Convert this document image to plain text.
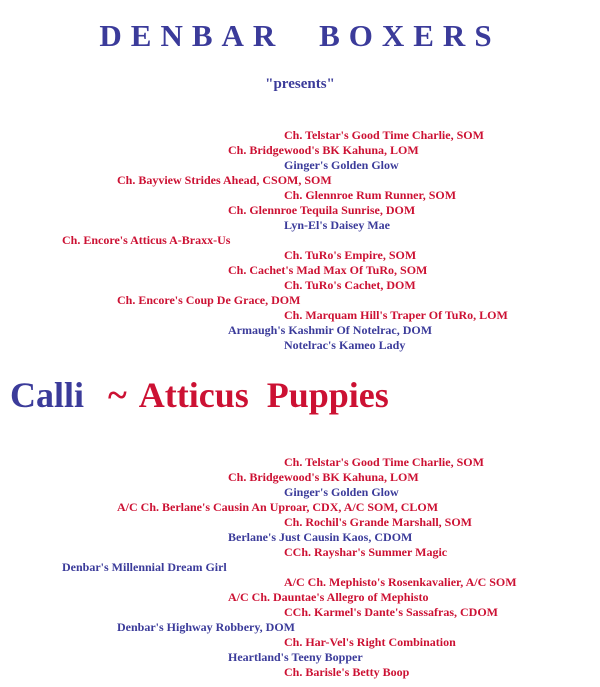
DENBAR BOXERS
"presents"
Ch. Telstar's Good Time Charlie, SOM
Ch. Bridgewood's BK Kahuna, LOM
Ginger's Golden Glow
Ch. Bayview Strides Ahead, CSOM, SOM
Ch. Glennroe Rum Runner, SOM
Ch. Glennroe Tequila Sunrise, DOM
Lyn-El's Daisey Mae
Ch. Encore's Atticus A-Braxx-Us
Ch. TuRo's Empire, SOM
Ch. Cachet's Mad Max Of TuRo, SOM
Ch. TuRo's Cachet, DOM
Ch. Encore's Coup De Grace, DOM
Ch. Marquam Hill's Traper Of TuRo, LOM
Armaugh's Kashmir Of Notelrac, DOM
Notelrac's Kameo Lady
Calli ~ Atticus  Puppies
Ch. Telstar's Good Time Charlie, SOM
Ch. Bridgewood's BK Kahuna, LOM
Ginger's Golden Glow
A/C Ch. Berlane's Causin An Uproar, CDX, A/C SOM, CLOM
Ch. Rochil's Grande Marshall, SOM
Berlane's Just Causin Kaos, CDOM
CCh. Rayshar's Summer Magic
Denbar's Millennial Dream Girl
A/C Ch. Mephisto's Rosenkavalier, A/C SOM
A/C Ch. Dauntae's Allegro of Mephisto
CCh. Karmel's Dante's Sassafras, CDOM
Denbar's Highway Robbery, DOM
Ch. Har-Vel's Right Combination
Heartland's Teeny Bopper
Ch. Barisle's Betty Boop
